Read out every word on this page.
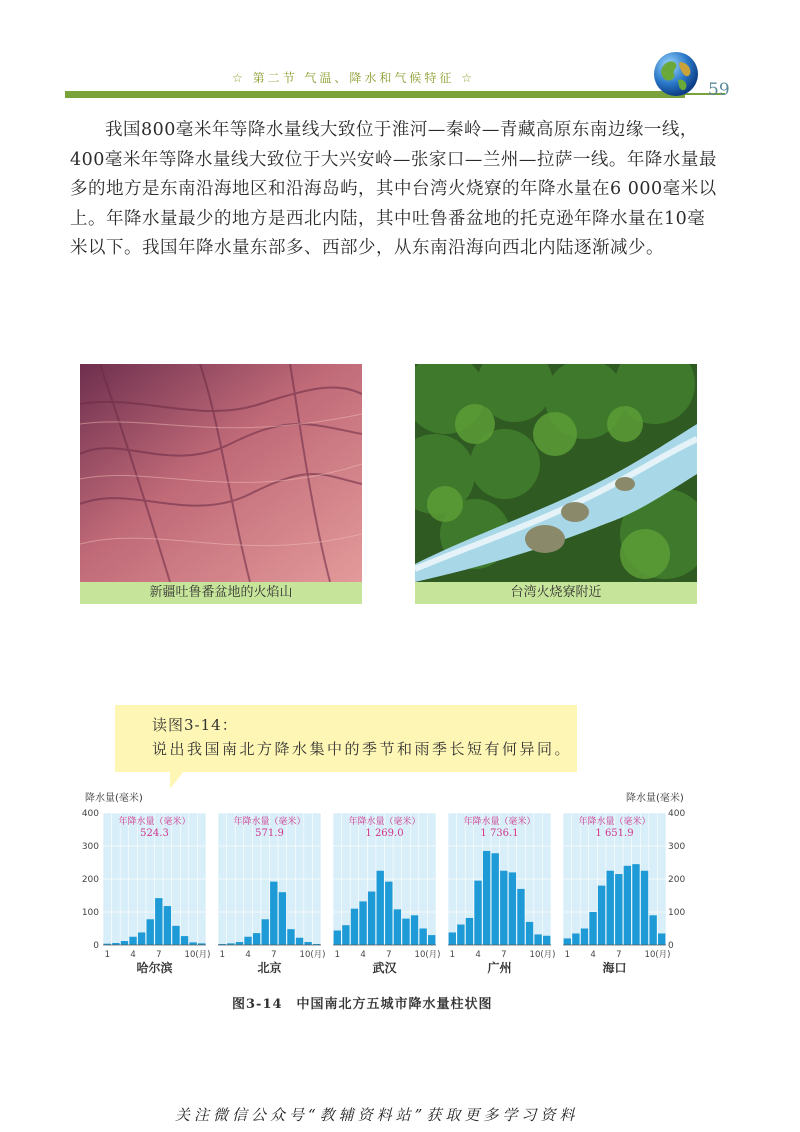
☆ 第二节 气温、降水和气候特征 ☆
59
我国800毫米年等降水量线大致位于淮河—秦岭—青藏高原东南边缘一线，400毫米年等降水量线大致位于大兴安岭—张家口—兰州—拉萨一线。年降水量最多的地方是东南沿海地区和沿海岛屿，其中台湾火烧寮的年降水量在6 000毫米以上。年降水量最少的地方是西北内陆，其中吐鲁番盆地的托克逊年降水量在10毫米以下。我国年降水量东部多、西部少，从东南沿海向西北内陆逐渐减少。
新疆吐鲁番盆地的火焰山	台湾火烧寮附近
读图3-14：
说出我国南北方降水集中的季节和雨季长短有何异同。
降水量(毫米)	降水量(毫米)
0	0
100	100
200	200
300	300
400	400
年降水量（毫米）
524.3
1 4 7	10(月)
哈尔滨
年降水量（毫米）
571.9
1 4 7	10(月)
北京
年降水量（毫米）
1 269.0
1 4 7	10(月)
武汉
年降水量（毫米）
1 736.1
1 4 7	10(月)
广州
年降水量（毫米）
1 651.9
1 4 7	10(月)
海口
图3-14　中国南北方五城市降水量柱状图
关注微信公众号“教辅资料站”获取更多学习资料
